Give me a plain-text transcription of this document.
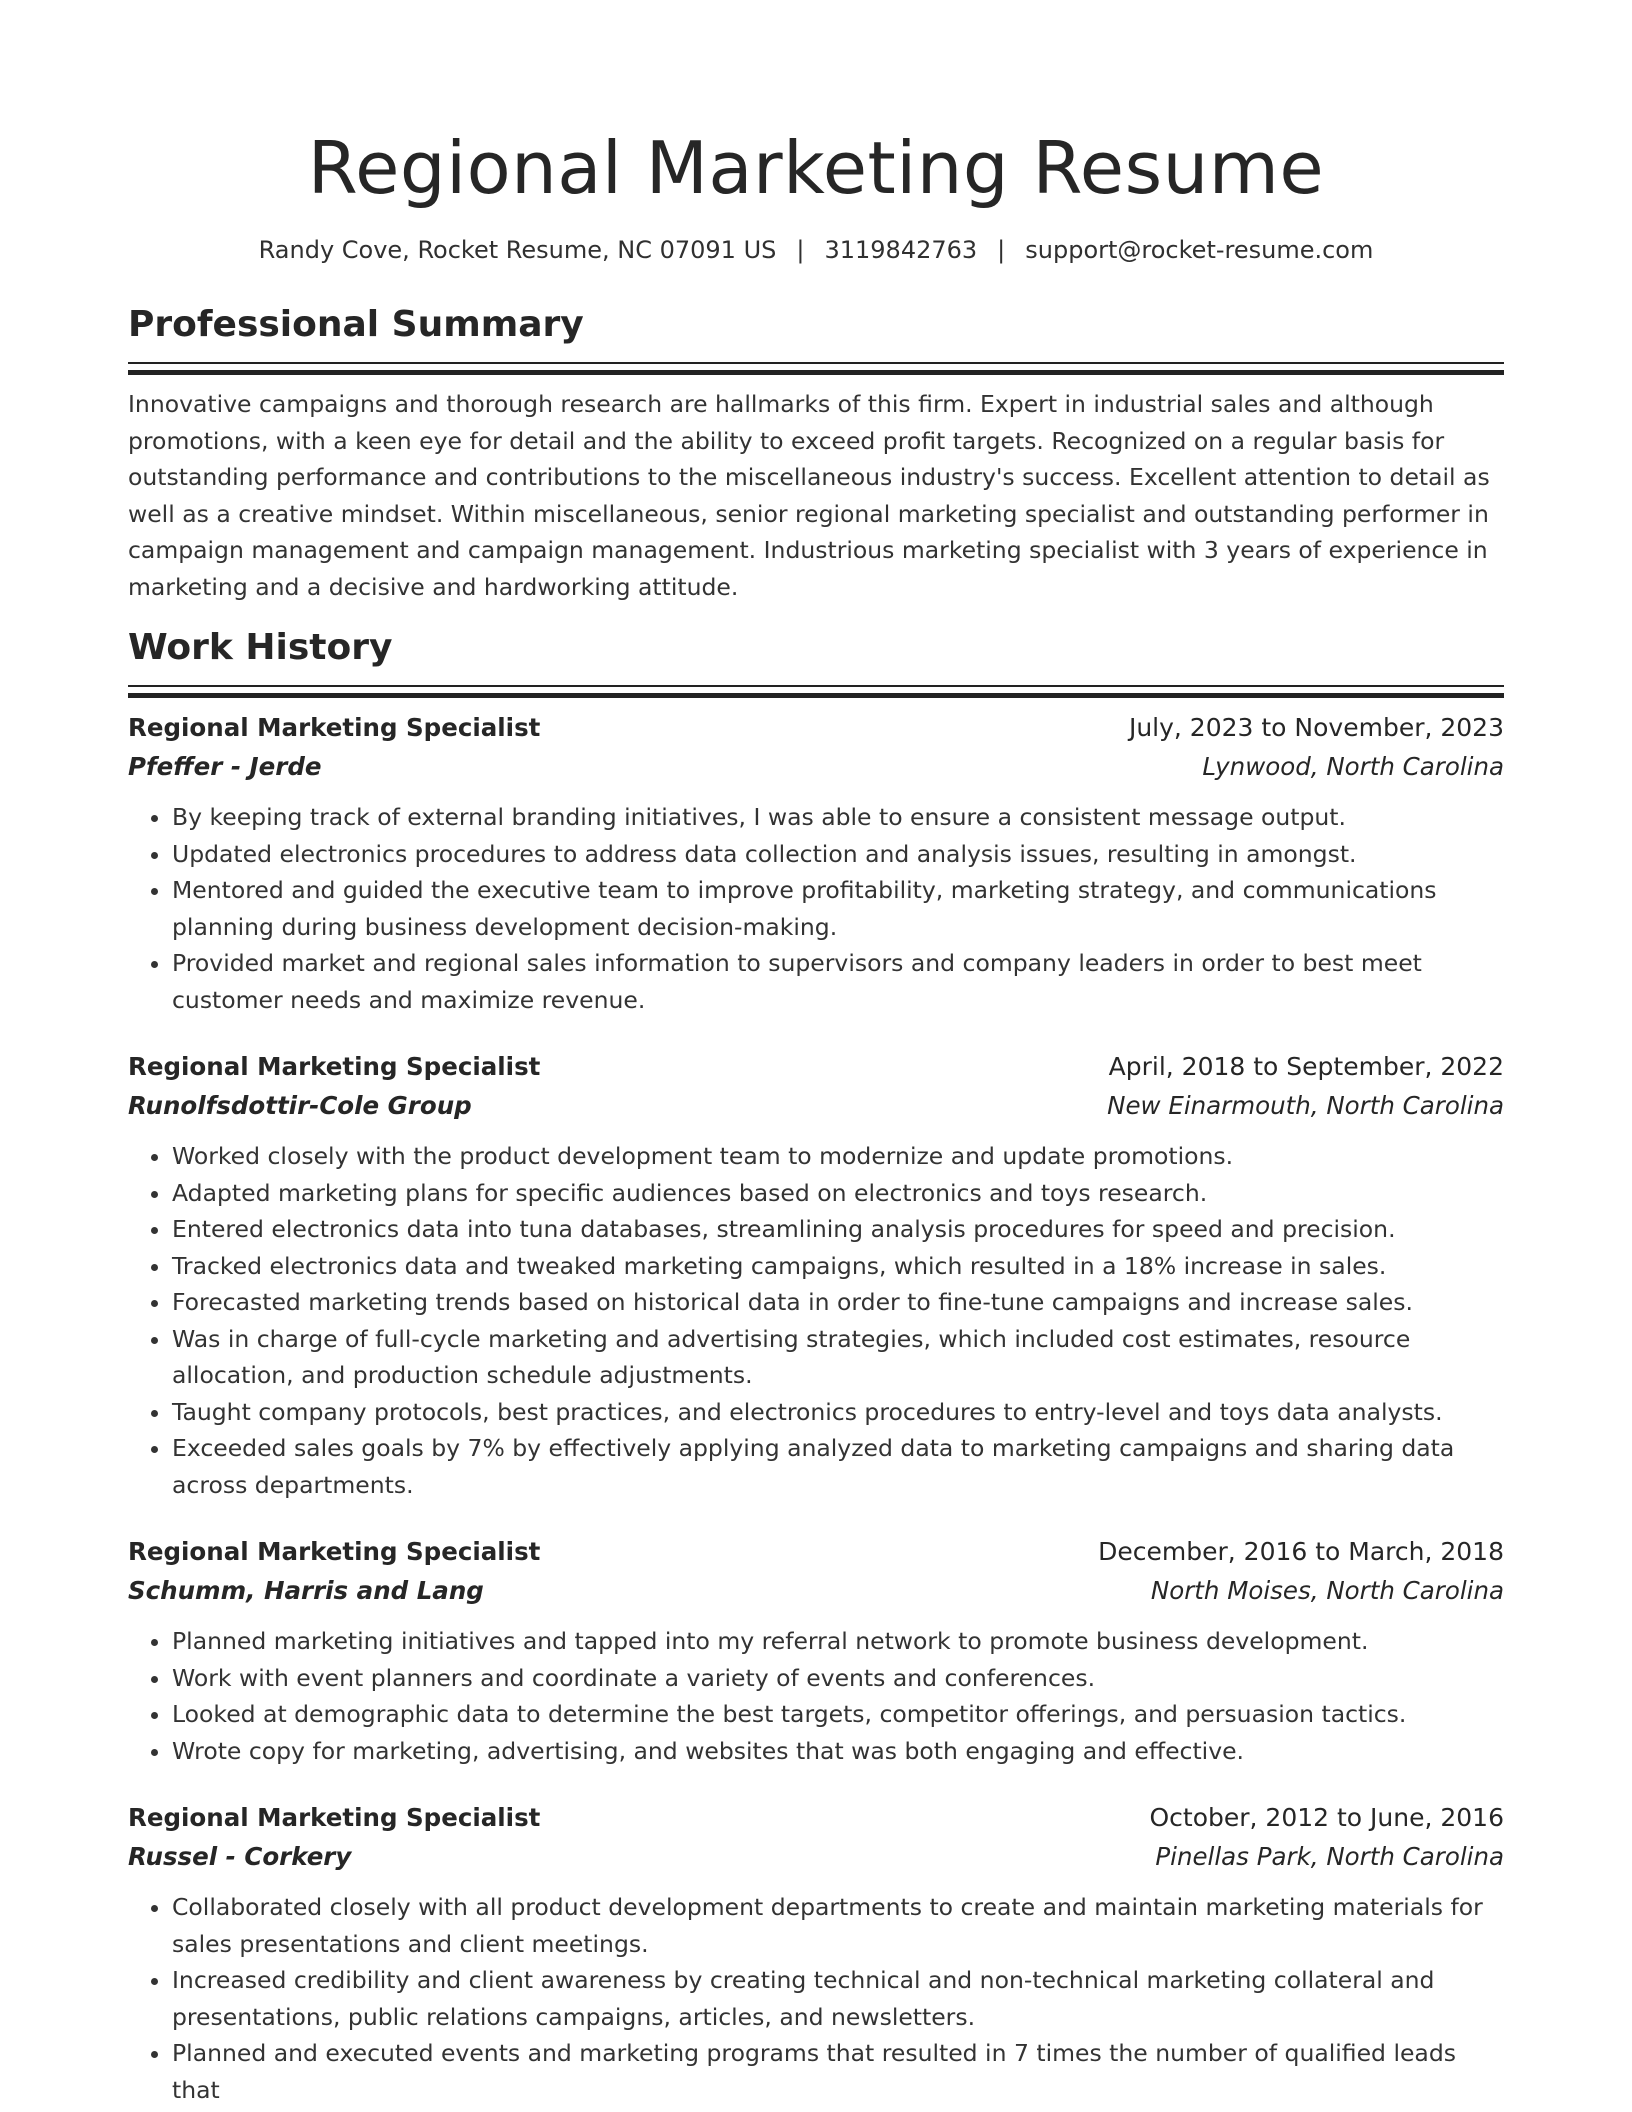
Regional Marketing Resume
Randy Cove, Rocket Resume, NC 07091 US | 3119842763 | support@rocket-resume.com
Professional Summary

Innovative campaigns and thorough research are hallmarks of this firm. Expert in industrial sales and although promotions, with a keen eye for detail and the ability to exceed profit targets. Recognized on a regular basis for outstanding performance and contributions to the miscellaneous industry's success. Excellent attention to detail as well as a creative mindset. Within miscellaneous, senior regional marketing specialist and outstanding performer in campaign management and campaign management. Industrious marketing specialist with 3 years of experience in marketing and a decisive and hardworking attitude.

Work History
Regional Marketing Specialist	July, 2023 to November, 2023
Pfeffer - Jerde	Lynwood, North Carolina
• By keeping track of external branding initiatives, I was able to ensure a consistent message output.
• Updated electronics procedures to address data collection and analysis issues, resulting in amongst.
• Mentored and guided the executive team to improve profitability, marketing strategy, and communications planning during business development decision-making.
• Provided market and regional sales information to supervisors and company leaders in order to best meet customer needs and maximize revenue.
Regional Marketing Specialist	April, 2018 to September, 2022
Runolfsdottir-Cole Group	New Einarmouth, North Carolina
• Worked closely with the product development team to modernize and update promotions.
• Adapted marketing plans for specific audiences based on electronics and toys research.
• Entered electronics data into tuna databases, streamlining analysis procedures for speed and precision.
• Tracked electronics data and tweaked marketing campaigns, which resulted in a 18% increase in sales.
• Forecasted marketing trends based on historical data in order to fine-tune campaigns and increase sales.
• Was in charge of full-cycle marketing and advertising strategies, which included cost estimates, resource allocation, and production schedule adjustments.
• Taught company protocols, best practices, and electronics procedures to entry-level and toys data analysts.
• Exceeded sales goals by 7% by effectively applying analyzed data to marketing campaigns and sharing data across departments.
Regional Marketing Specialist	December, 2016 to March, 2018
Schumm, Harris and Lang	North Moises, North Carolina
• Planned marketing initiatives and tapped into my referral network to promote business development.
• Work with event planners and coordinate a variety of events and conferences.
• Looked at demographic data to determine the best targets, competitor offerings, and persuasion tactics.
• Wrote copy for marketing, advertising, and websites that was both engaging and effective.
Regional Marketing Specialist	October, 2012 to June, 2016
Russel - Corkery	Pinellas Park, North Carolina
• Collaborated closely with all product development departments to create and maintain marketing materials for sales presentations and client meetings.
• Increased credibility and client awareness by creating technical and non-technical marketing collateral and presentations, public relations campaigns, articles, and newsletters.
• Planned and executed events and marketing programs that resulted in 7 times the number of qualified leads that
